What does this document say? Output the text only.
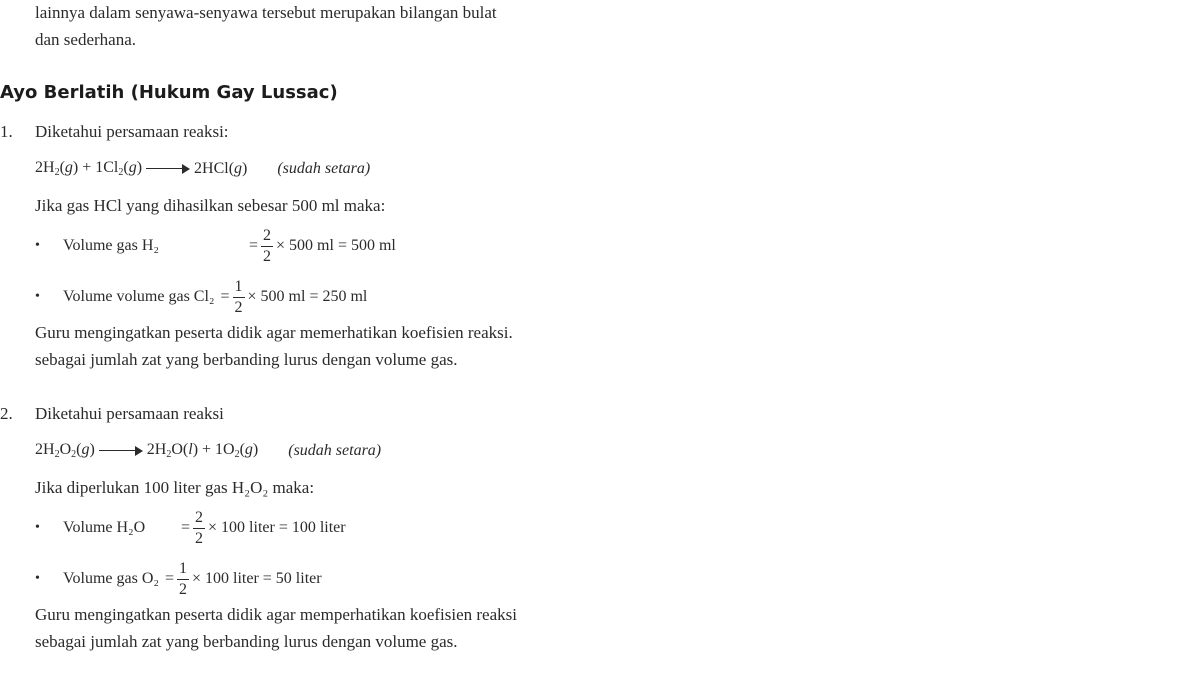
lainnya dalam senyawa-senyawa tersebut merupakan bilangan bulat
dan sederhana.
Ayo Berlatih (Hukum Gay Lussac)
1. Diketahui persamaan reaksi:
$2H_2(g) + 1Cl_2(g)$	2HCl(g) (sudah setara)
Jika gas HCl yang dihasilkan sebesar 500 ml maka:
•	Volume gas H₂	= $\frac{2}{2} \times 500$ ml = 500 ml
•	Volume volume gas $Cl_2 = \frac{1}{2} \times 500$ ml = 250 ml
Guru mengingatkan peserta didik agar memerhatikan koefisien reaksi.
sebagai jumlah zat yang berbanding lurus dengan volume gas.
2. Diketahui persamaan reaksi
$2H_2O_2(g)$	$2H_2O(l) + 1O_2(g)$ (sudah setara)
Jika diperlukan 100 liter gas H₂O₂ maka:
•	Volume H₂O	= $\frac{2}{2} \times 100$ liter = 100 liter
•	Volume gas $O_2 = \frac{1}{2} \times 100$ liter = 50 liter
Guru mengingatkan peserta didik agar memperhatikan koefisien reaksi
sebagai jumlah zat yang berbanding lurus dengan volume gas.
